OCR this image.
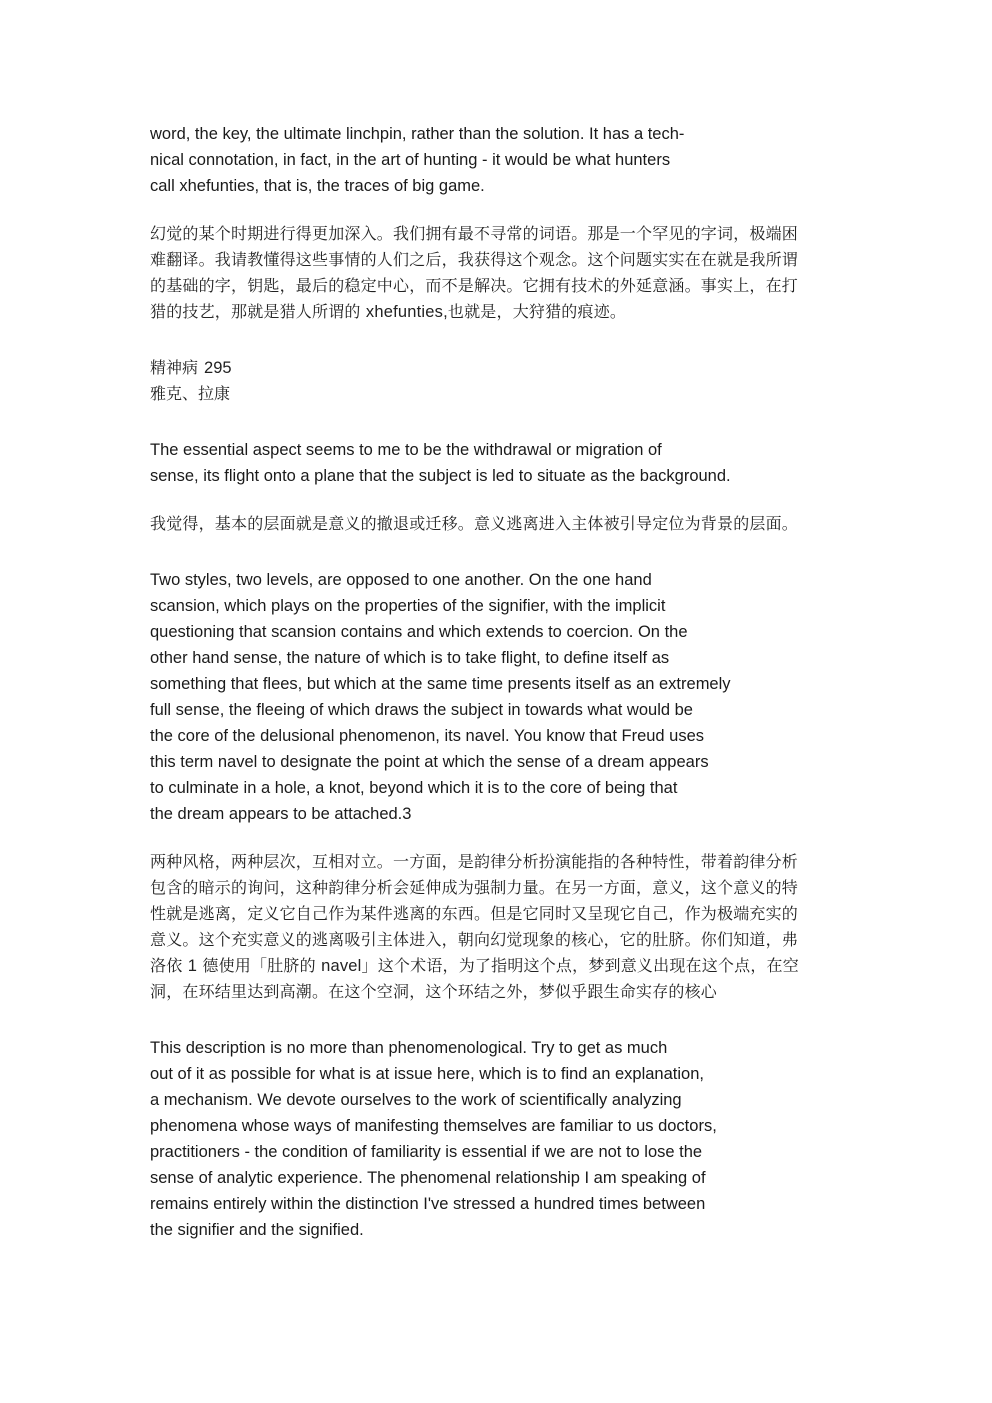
word, the key, the ultimate linchpin, rather than the solution. It has a tech-
nical connotation, in fact, in the art of hunting - it would be what hunters
call xhefunties, that is, the traces of big game.
幻觉的某个时期进行得更加深入。我们拥有最不寻常的词语。那是一个罕见的字词，极端困
难翻译。我请教懂得这些事情的人们之后，我获得这个观念。这个问题实实在在就是我所谓
的基础的字，钥匙，最后的稳定中心，而不是解决。它拥有技术的外延意涵。事实上，在打
猎的技艺，那就是猎人所谓的 xhefunties,也就是，大狩猎的痕迹。
精神病 295
雅克、拉康
The essential aspect seems to me to be the withdrawal or migration of
sense, its flight onto a plane that the subject is led to situate as the background.
我觉得，基本的层面就是意义的撤退或迁移。意义逃离进入主体被引导定位为背景的层面。
Two styles, two levels, are opposed to one another. On the one hand
scansion, which plays on the properties of the signifier, with the implicit
questioning that scansion contains and which extends to coercion. On the
other hand sense, the nature of which is to take flight, to define itself as
something that flees, but which at the same time presents itself as an extremely
full sense, the fleeing of which draws the subject in towards what would be
the core of the delusional phenomenon, its navel. You know that Freud uses
this term navel to designate the point at which the sense of a dream appears
to culminate in a hole, a knot, beyond which it is to the core of being that
the dream appears to be attached.3
两种风格，两种层次，互相对立。一方面，是韵律分析扮演能指的各种特性，带着韵律分析
包含的暗示的询问，这种韵律分析会延伸成为强制力量。在另一方面，意义，这个意义的特
性就是逃离，定义它自己作为某件逃离的东西。但是它同时又呈现它自己，作为极端充实的
意义。这个充实意义的逃离吸引主体进入，朝向幻觉现象的核心，它的肚脐。你们知道，弗
洛依 1 德使用「肚脐的 navel」这个术语，为了指明这个点，梦到意义出现在这个点，在空
洞，在环结里达到高潮。在这个空洞，这个环结之外，梦似乎跟生命实存的核心
This description is no more than phenomenological. Try to get as much
out of it as possible for what is at issue here, which is to find an explanation,
a mechanism. We devote ourselves to the work of scientifically analyzing
phenomena whose ways of manifesting themselves are familiar to us doctors,
practitioners - the condition of familiarity is essential if we are not to lose the
sense of analytic experience. The phenomenal relationship I am speaking of
remains entirely within the distinction I've stressed a hundred times between
the signifier and the signified.
